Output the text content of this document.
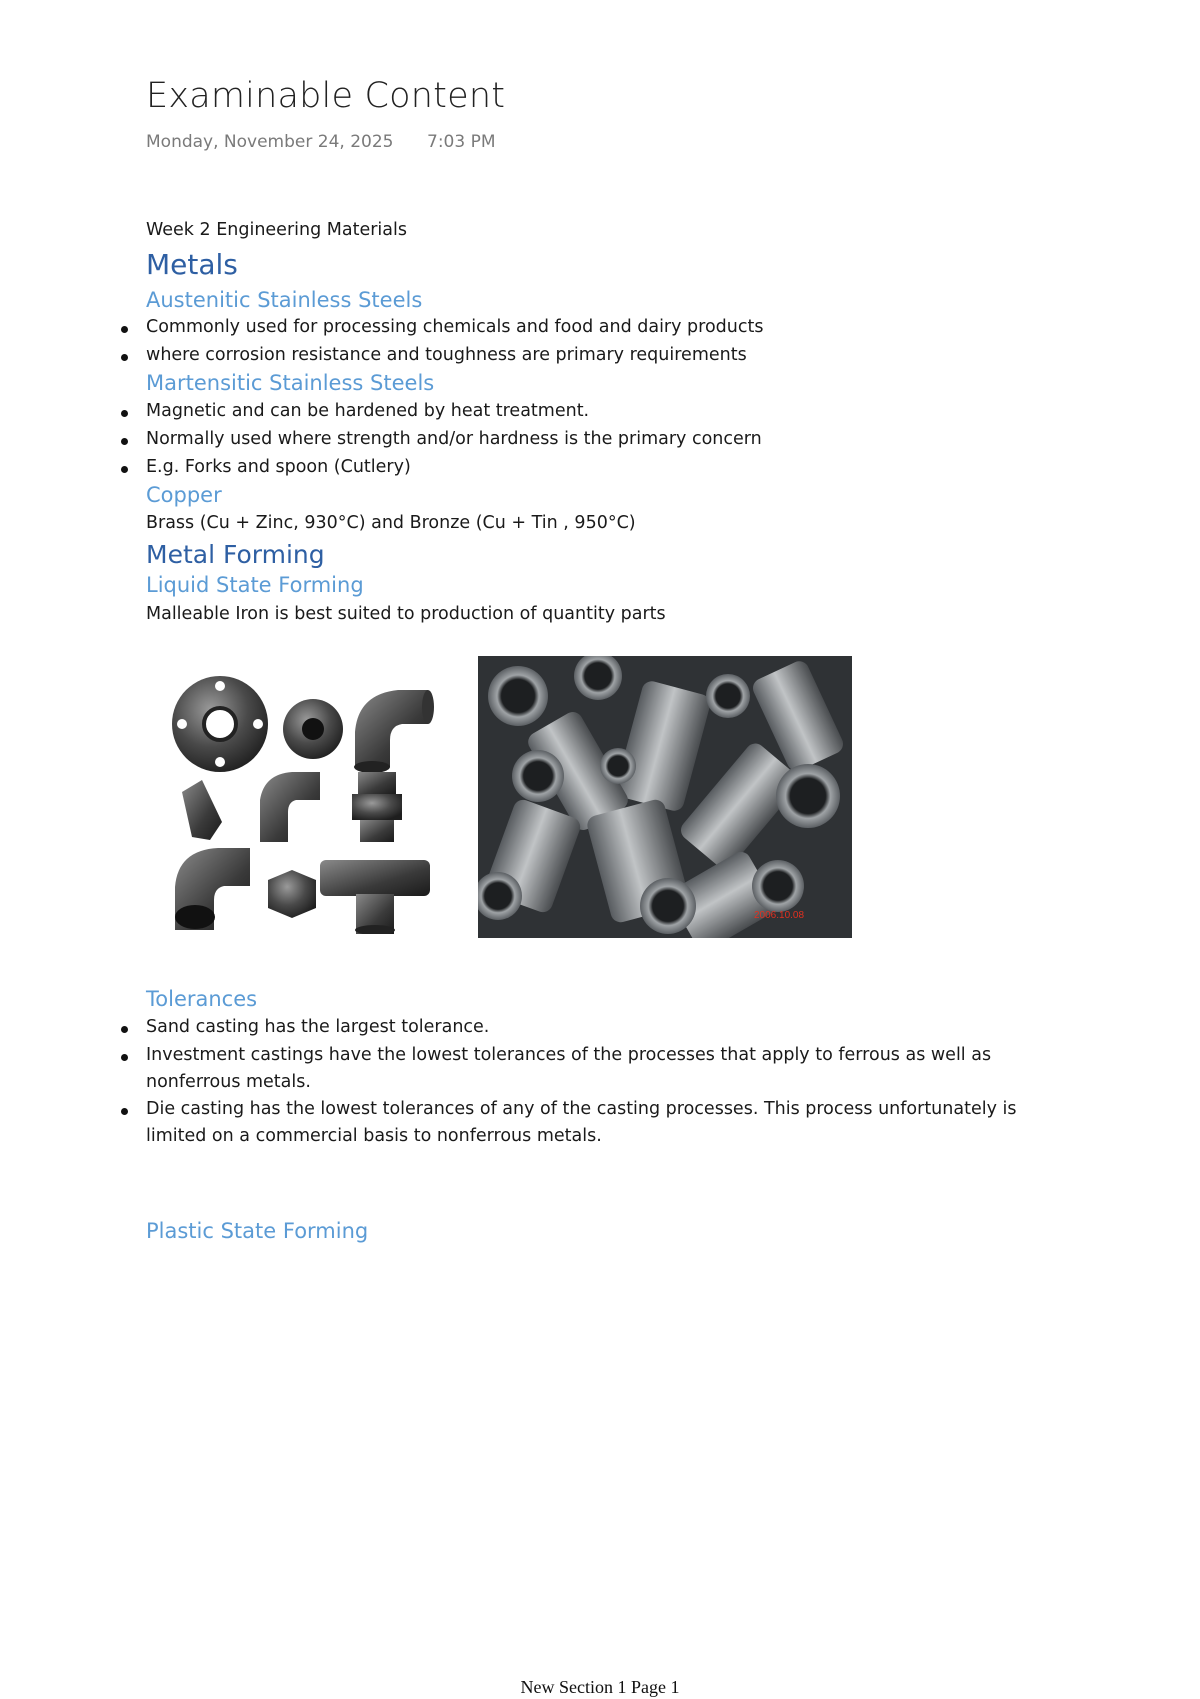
Examinable Content
Monday, November 24, 2025 7:03 PM
Week 2 Engineering Materials
Metals
Austenitic Stainless Steels
Commonly used for processing chemicals and food and dairy products
where corrosion resistance and toughness are primary requirements
Martensitic Stainless Steels
Magnetic and can be hardened by heat treatment.
Normally used where strength and/or hardness is the primary concern
E.g. Forks and spoon (Cutlery)
Copper
Brass (Cu + Zinc, 930°C) and Bronze (Cu + Tin , 950°C)
Metal Forming
Liquid State Forming
Malleable Iron is best suited to production of quantity parts
2006.10.08
Tolerances
Sand casting has the largest tolerance.
Investment castings have the lowest tolerances of the processes that apply to ferrous as well as
nonferrous metals.
Die casting has the lowest tolerances of any of the casting processes. This process unfortunately is
limited on a commercial basis to nonferrous metals.
Plastic State Forming
New Section 1 Page 1
